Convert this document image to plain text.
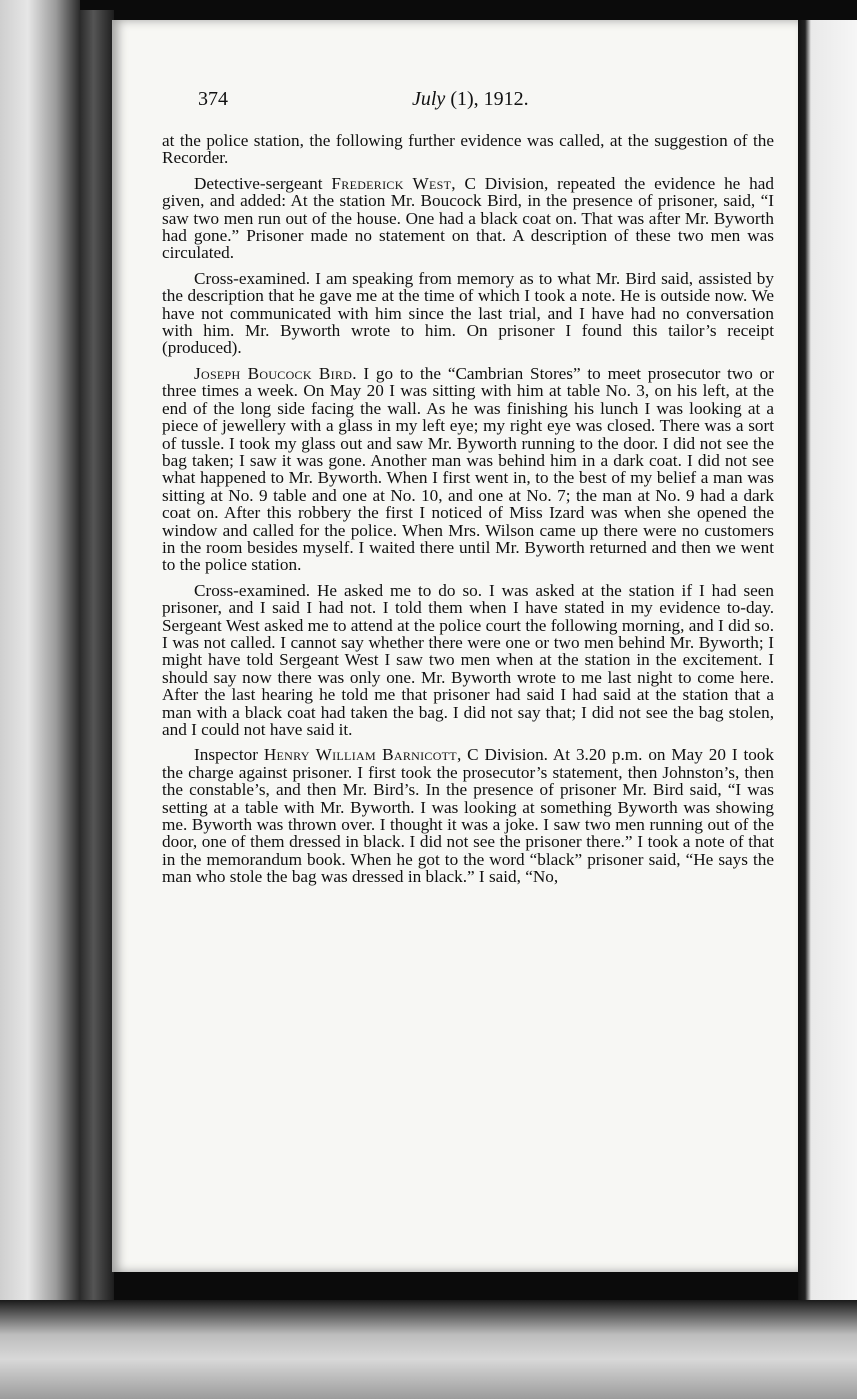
374	July (1), 1912.

at the police station, the following further evidence was called, at the suggestion of the Recorder.

Detective-sergeant Frederick West, C Division, repeated the evidence he had given, and added: At the station Mr. Boucock Bird, in the presence of prisoner, said, “I saw two men run out of the house. One had a black coat on. That was after Mr. Byworth had gone.” Prisoner made no statement on that. A description of these two men was circulated.

Cross-examined. I am speaking from memory as to what Mr. Bird said, assisted by the description that he gave me at the time of which I took a note. He is outside now. We have not communicated with him since the last trial, and I have had no conversation with him. Mr. Byworth wrote to him. On prisoner I found this tailor’s receipt (produced).

Joseph Boucock Bird. I go to the “Cambrian Stores” to meet prosecutor two or three times a week. On May 20 I was sitting with him at table No. 3, on his left, at the end of the long side facing the wall. As he was finishing his lunch I was looking at a piece of jewellery with a glass in my left eye; my right eye was closed. There was a sort of tussle. I took my glass out and saw Mr. Byworth running to the door. I did not see the bag taken; I saw it was gone. Another man was behind him in a dark coat. I did not see what happened to Mr. Byworth. When I first went in, to the best of my belief a man was sitting at No. 9 table and one at No. 10, and one at No. 7; the man at No. 9 had a dark coat on. After this robbery the first I noticed of Miss Izard was when she opened the window and called for the police. When Mrs. Wilson came up there were no customers in the room besides myself. I waited there until Mr. Byworth returned and then we went to the police station.

Cross-examined. He asked me to do so. I was asked at the station if I had seen prisoner, and I said I had not. I told them when I have stated in my evidence to-day. Sergeant West asked me to attend at the police court the following morning, and I did so. I was not called. I cannot say whether there were one or two men behind Mr. Byworth; I might have told Sergeant West I saw two men when at the station in the excitement. I should say now there was only one. Mr. Byworth wrote to me last night to come here. After the last hearing he told me that prisoner had said I had said at the station that a man with a black coat had taken the bag. I did not say that; I did not see the bag stolen, and I could not have said it.

Inspector Henry William Barnicott, C Division. At 3.20 p.m. on May 20 I took the charge against prisoner. I first took the prosecutor’s statement, then Johnston’s, then the constable’s, and then Mr. Bird’s. In the presence of prisoner Mr. Bird said, “I was setting at a table with Mr. Byworth. I was looking at something Byworth was showing me. Byworth was thrown over. I thought it was a joke. I saw two men running out of the door, one of them dressed in black. I did not see the prisoner there.” I took a note of that in the memorandum book. When he got to the word “black” prisoner said, “He says the man who stole the bag was dressed in black.” I said, “No,
